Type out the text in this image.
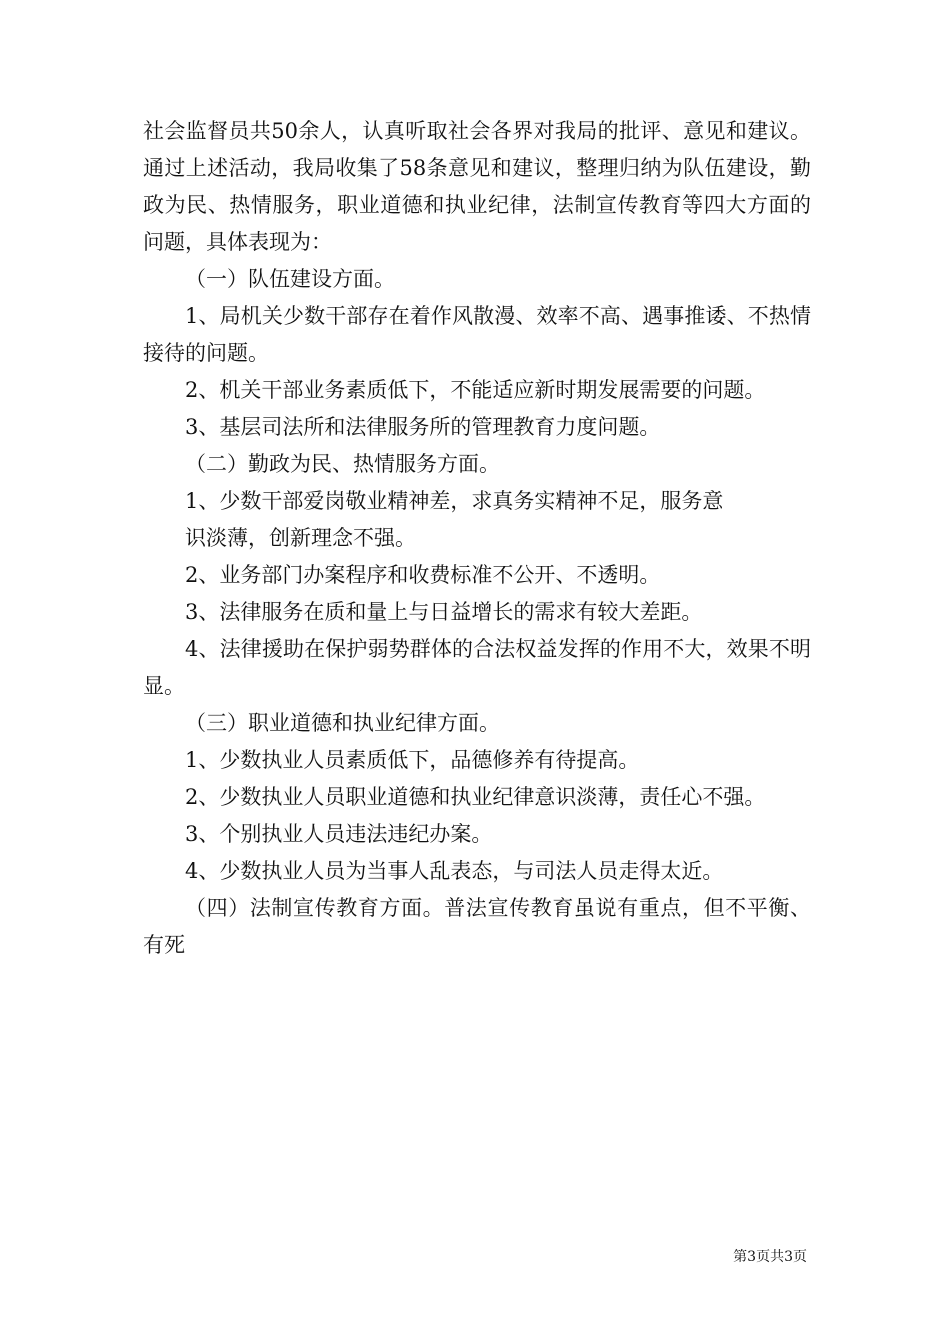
社会监督员共50余人，认真听取社会各界对我局的批评、意见和建议。通过上述活动，我局收集了58条意见和建议，整理归纳为队伍建设，勤政为民、热情服务，职业道德和执业纪律，法制宣传教育等四大方面的问题，具体表现为：

（一）队伍建设方面。

1、局机关少数干部存在着作风散漫、效率不高、遇事推诿、不热情接待的问题。

2、机关干部业务素质低下，不能适应新时期发展需要的问题。

3、基层司法所和法律服务所的管理教育力度问题。

（二）勤政为民、热情服务方面。

1、少数干部爱岗敬业精神差，求真务实精神不足，服务意

识淡薄，创新理念不强。

2、业务部门办案程序和收费标准不公开、不透明。

3、法律服务在质和量上与日益增长的需求有较大差距。

4、法律援助在保护弱势群体的合法权益发挥的作用不大，效果不明显。

（三）职业道德和执业纪律方面。

1、少数执业人员素质低下，品德修养有待提高。

2、少数执业人员职业道德和执业纪律意识淡薄，责任心不强。

3、个别执业人员违法违纪办案。

4、少数执业人员为当事人乱表态，与司法人员走得太近。

（四）法制宣传教育方面。普法宣传教育虽说有重点，但不平衡、有死

第3页共3页
